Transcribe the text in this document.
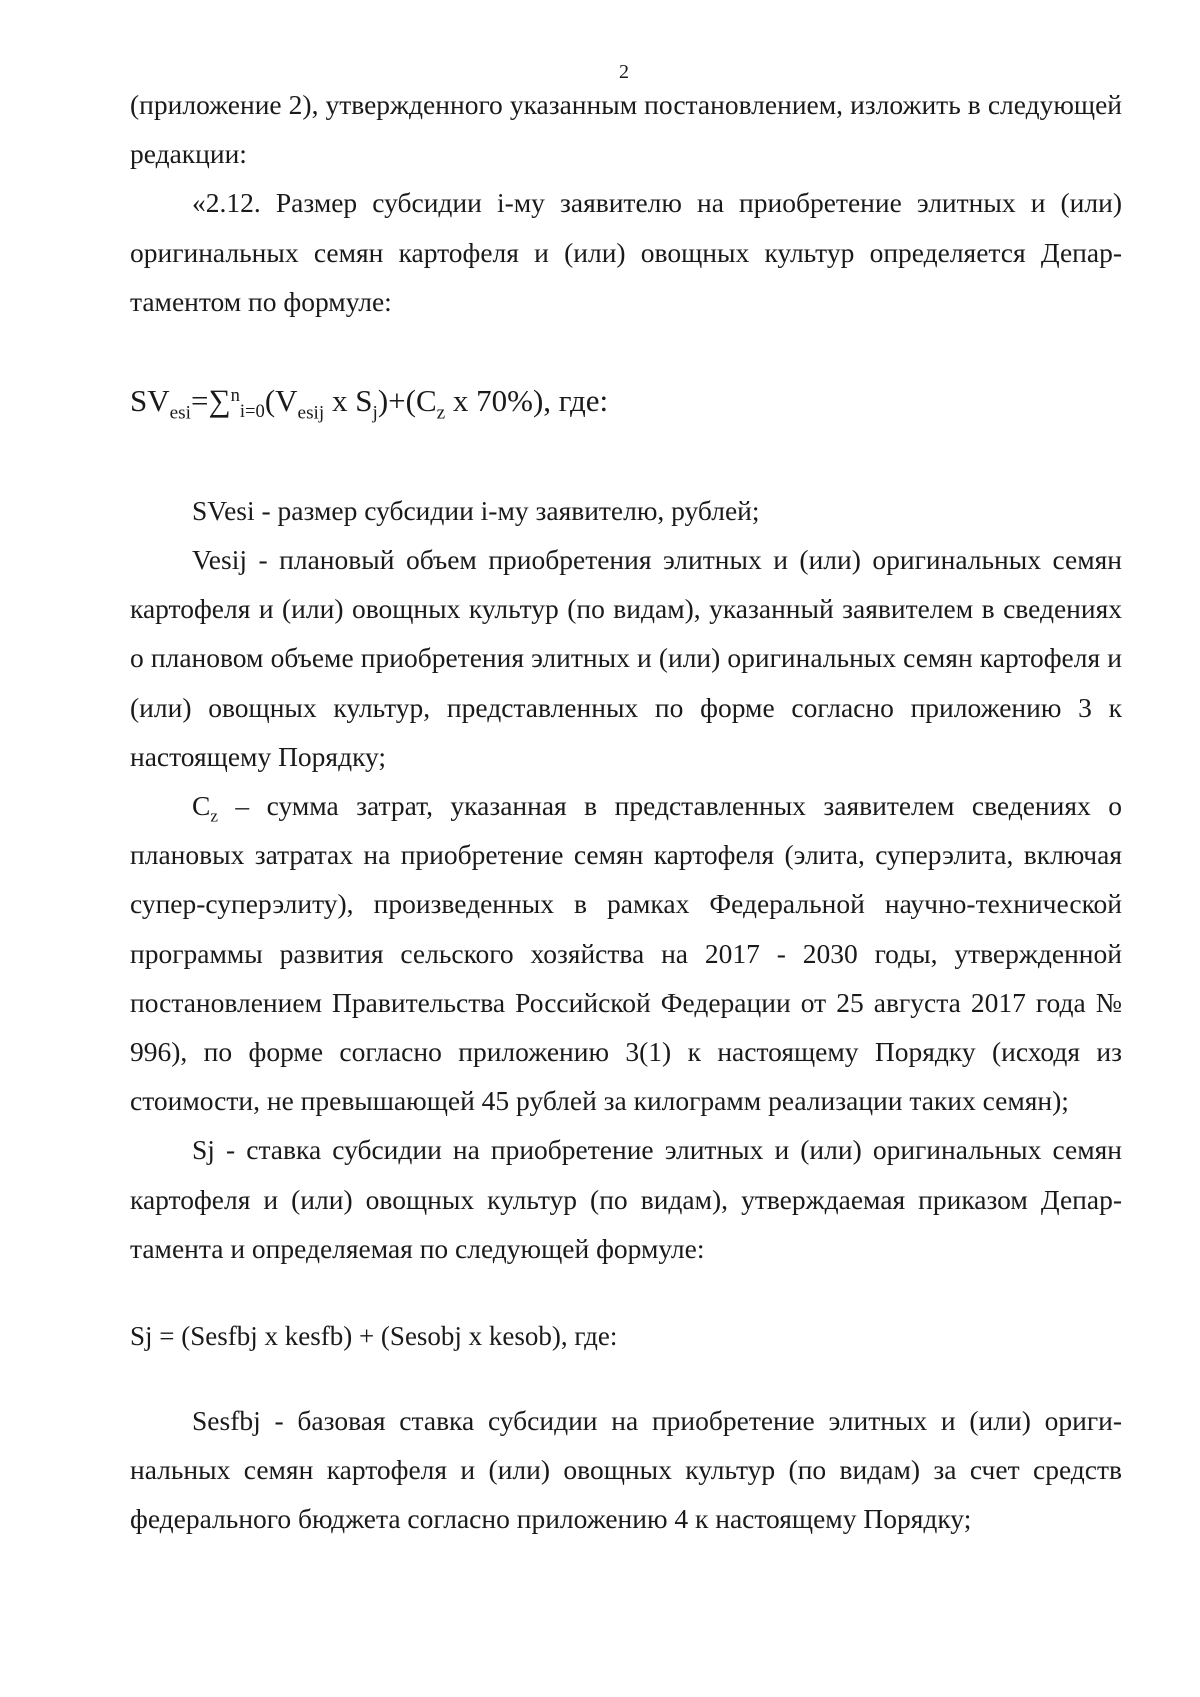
2

(приложение 2), утвержденного указанным постановлением, изложить в следующей редакции:

«2.12. Размер субсидии i-му заявителю на приобретение элитных и (или) оригинальных семян картофеля и (или) овощных культур определяется Департаментом по формуле:

$SV_{esi}=\sum^ni=0(V_{esij}$ x $S_j)+(C_z$ x 70%), где:

SVesi - размер субсидии i-му заявителю, рублей;

Vesij - плановый объем приобретения элитных и (или) оригинальных семян картофеля и (или) овощных культур (по видам), указанный заявителем в сведениях о плановом объеме приобретения элитных и (или) оригинальных семян картофеля и (или) овощных культур, представленных по форме согласно приложению 3 к настоящему Порядку;

$C_z$ – сумма затрат, указанная в представленных заявителем сведениях о плановых затратах на приобретение семян картофеля (элита, суперэлита, включая супер-суперэлиту), произведенных в рамках Федеральной научно-технической программы развития сельского хозяйства на 2017 - 2030 годы, утвержденной постановлением Правительства Российской Федерации от 25 августа 2017 года № 996), по форме согласно приложению 3(1) к настоящему Порядку (исходя из стоимости, не превышающей 45 рублей за килограмм реализации таких семян);

Sj - ставка субсидии на приобретение элитных и (или) оригинальных семян картофеля и (или) овощных культур (по видам), утверждаемая приказом Департамента и определяемая по следующей формуле:

Sj = (Sesfbj x kesfb) + (Sesobj x kesob), где:

Sesfbj - базовая ставка субсидии на приобретение элитных и (или) оригинальных семян картофеля и (или) овощных культур (по видам) за счет средств федерального бюджета согласно приложению 4 к настоящему Порядку;
